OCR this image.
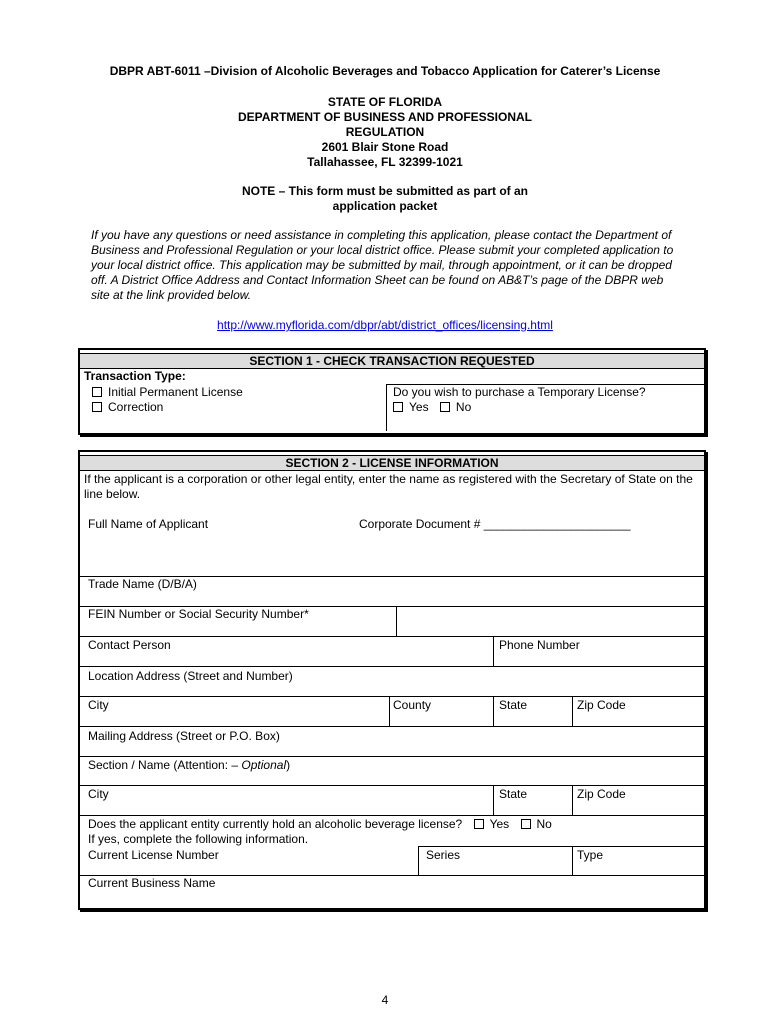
DBPR ABT-6011 –Division of Alcoholic Beverages and Tobacco Application for Caterer’s License
STATE OF FLORIDA
DEPARTMENT OF BUSINESS AND PROFESSIONAL
REGULATION
2601 Blair Stone Road
Tallahassee, FL 32399-1021
NOTE – This form must be submitted as part of an
application packet
If you have any questions or need assistance in completing this application, please contact the Department of Business and Professional Regulation or your local district office. Please submit your completed application to your local district office. This application may be submitted by mail, through appointment, or it can be dropped off. A District Office Address and Contact Information Sheet can be found on AB&T’s page of the DBPR web site at the link provided below.
http://www.myflorida.com/dbpr/abt/district_offices/licensing.html
SECTION 1 - CHECK TRANSACTION REQUESTED
Transaction Type:
Initial Permanent License
Correction
Do you wish to purchase a Temporary License?
Yes No
SECTION 2 - LICENSE INFORMATION
If the applicant is a corporation or other legal entity, enter the name as registered with the Secretary of State on the line below.
Full Name of Applicant	Corporate Document # ______________________
Trade Name (D/B/A)
FEIN Number or Social Security Number*
Contact Person	Phone Number
Location Address (Street and Number)
City	County	State	Zip Code
Mailing Address (Street or P.O. Box)
Section / Name (Attention: – Optional)
City	State	Zip Code
Does the applicant entity currently hold an alcoholic beverage license? Yes No
If yes, complete the following information.
Current License Number	Series	Type
Current Business Name
4
